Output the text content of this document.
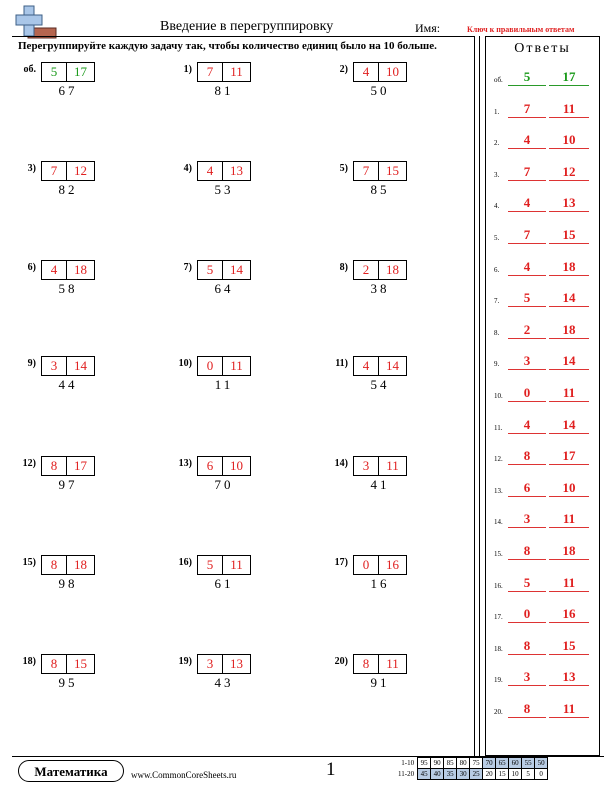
Введение в перегруппировку	Имя:	Ключ к правильным ответам
Перегруппируйте каждую задачу так, чтобы количество единиц было на 10 больше.
об.	5	17
67
1)	7	11
81
2)	4	10
50
3)	7	12
82
4)	4	13
53
5)	7	15
85
6)	4	18
58
7)	5	14
64
8)	2	18
38
9)	3	14
44
10)	0	11
11
11)	4	14
54
12)	8	17
97
13)	6	10
70
14)	3	11
41
15)	8	18
98
16)	5	11
61
17)	0	16
16
18)	8	15
95
19)	3	13
43
20)	8	11
91
Ответы
об.	5	17
1.	7	11
2.	4	10
3.	7	12
4.	4	13
5.	7	15
6.	4	18
7.	5	14
8.	2	18
9.	3	14
10.	0	11
11.	4	14
12.	8	17
13.	6	10
14.	3	11
15.	8	18
16.	5	11
17.	0	16
18.	8	15
19.	3	13
20.	8	11
Математика	www.CommonCoreSheets.ru	1	1-10	95	90	85	80	75	70	65	60	55	50
11-20	45	40	35	30	25	20	15	10	5	0
